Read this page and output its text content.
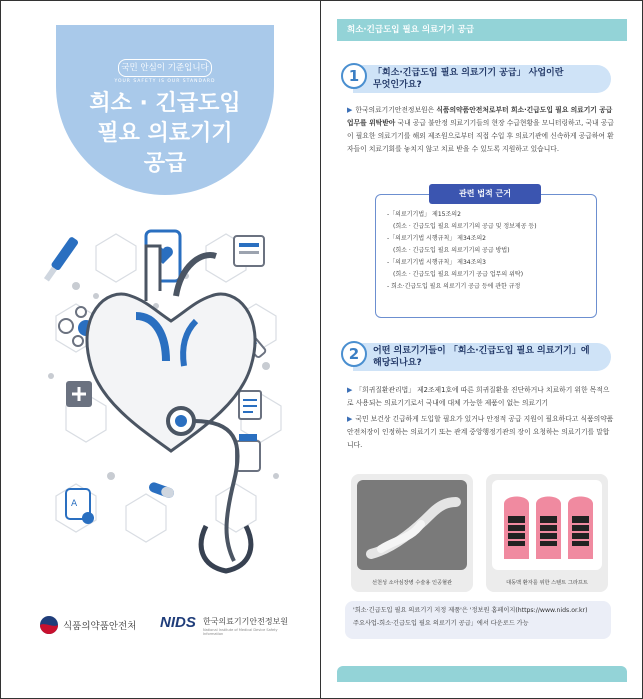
국민 안심이 기준입니다
YOUR SAFETY IS OUR STANDARD
희소 · 긴급도입
필요 의료기기
공급
A
식품의약품안전처 NIDS 한국의료기기안전정보원
National Institute of Medical Device Safety Information
희소·긴급도입 필요 의료기기 공급
1	「희소·긴급도입 필요 의료기기 공급」 사업이란
무엇인가요?
▶ 한국의료기기안전정보원은 식품의약품안전처로부터 희소·긴급도입 필요 의료기기 공급 업무를 위탁받아 국내 공급 불안정 의료기기들의 현장 수급현황을 모니터링하고, 국내 공급이 필요한 의료기기를 해외 제조원으로부터 직접 수입 후 의료기관에 신속하게 공급하여 환자들이 치료기회를 놓치지 않고 치료 받을 수 있도록 지원하고 있습니다.
관련 법적 근거
-「의료기기법」 제15조의2
(희소 · 긴급도입 필요 의료기기의 공급 및 정보제공 등)
-「의료기기법 시행규칙」 제34조의2
(희소 · 긴급도입 필요 의료기기의 공급 방법)
-「의료기기법 시행규칙」 제34조의3
(희소 · 긴급도입 필요 의료기기 공급 업무의 위탁)
- 희소·긴급도입 필요 의료기기 공급 등에 관한 규정
2	어떤 의료기기들이 「희소·긴급도입 필요 의료기기」에
해당되나요?
▶ 「희귀질환관리법」 제2조제1호에 따른 희귀질환을 진단하거나 치료하기 위한 목적으로 사용되는 의료기기로서 국내에 대체 가능한 제품이 없는 의료기기
▶ 국민 보건상 긴급하게 도입할 필요가 있거나 안정적 공급 지원이 필요하다고 식품의약품안전처장이 인정하는 의료기기 또는 관계 중앙행정기관의 장이 요청하는 의료기기를 말합니다.
선천성 소아심장병 수술용 인공혈관	대동맥 환자를 위한 스텐트 그라프트
'희소·긴급도입 필요 의료기기 지정 제품'은 '정보원 홈페이지(https://www.nids.or.kr)
주요사업-희소·긴급도입 필요 의료기기 공급」에서 다운로드 가능
